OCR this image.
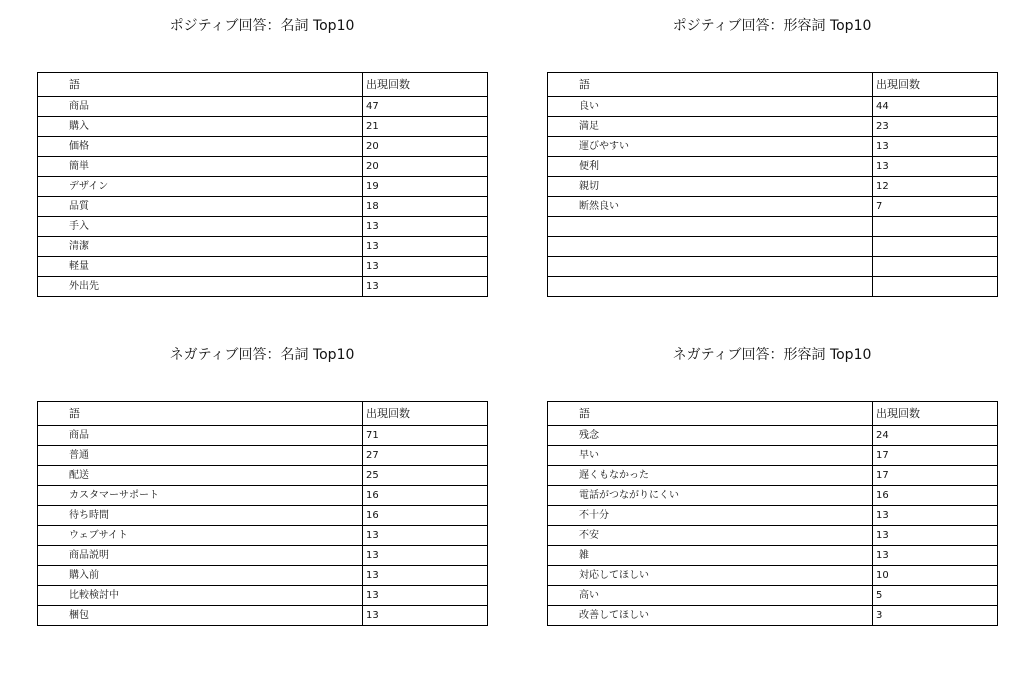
ポジティブ回答：名詞 Top10
語	出現回数
商品	47
購入	21
価格	20
簡単	20
デザイン	19
品質	18
手入	13
清潔	13
軽量	13
外出先	13
ポジティブ回答：形容詞 Top10
語	出現回数
良い	44
満足	23
運びやすい	13
便利	13
親切	12
断然良い	7

ネガティブ回答：名詞 Top10
語	出現回数
商品	71
普通	27
配送	25
カスタマーサポート	16
待ち時間	16
ウェブサイト	13
商品説明	13
購入前	13
比較検討中	13
梱包	13
ネガティブ回答：形容詞 Top10
語	出現回数
残念	24
早い	17
遅くもなかった	17
電話がつながりにくい	16
不十分	13
不安	13
雑	13
対応してほしい	10
高い	5
改善してほしい	3
